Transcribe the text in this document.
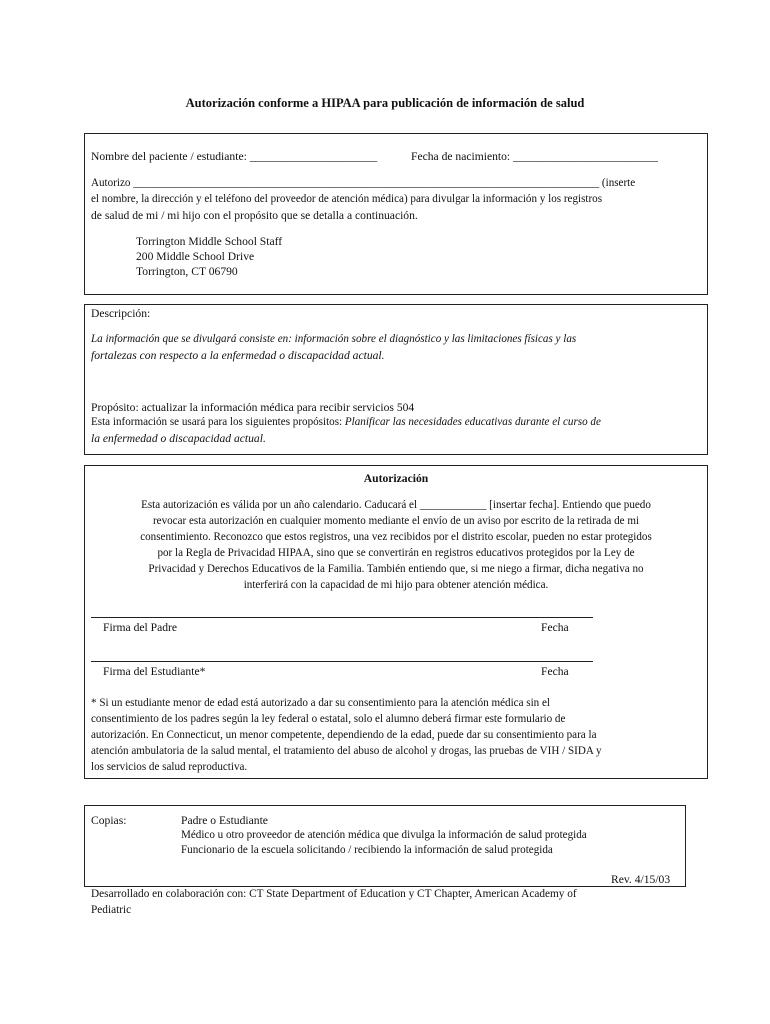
Autorización conforme a HIPAA para publicación de información de salud
Nombre del paciente / estudiante: ______________________	Fecha de nacimiento: _________________________
Autorizo ____________________________________________________________________________________ (inserte
el nombre, la dirección y el teléfono del proveedor de atención médica) para divulgar la información y los registros
de salud de mi / mi hijo con el propósito que se detalla a continuación.
Torrington Middle School Staff
200 Middle School Drive
Torrington, CT 06790
Descripción:
La información que se divulgará consiste en: información sobre el diagnóstico y las limitaciones físicas y las
fortalezas con respecto a la enfermedad o discapacidad actual.
Propósito: actualizar la información médica para recibir servicios 504
Esta información se usará para los siguientes propósitos: Planificar las necesidades educativas durante el curso de
la enfermedad o discapacidad actual.
Autorización
Esta autorización es válida por un año calendario. Caducará el ____________ [insertar fecha]. Entiendo que puedo
revocar esta autorización en cualquier momento mediante el envío de un aviso por escrito de la retirada de mi
consentimiento. Reconozco que estos registros, una vez recibidos por el distrito escolar, pueden no estar protegidos
por la Regla de Privacidad HIPAA, sino que se convertirán en registros educativos protegidos por la Ley de
Privacidad y Derechos Educativos de la Familia. También entiendo que, si me niego a firmar, dicha negativa no
interferirá con la capacidad de mi hijo para obtener atención médica.
Firma del Padre	Fecha
Firma del Estudiante*	Fecha
* Si un estudiante menor de edad está autorizado a dar su consentimiento para la atención médica sin el
consentimiento de los padres según la ley federal o estatal, solo el alumno deberá firmar este formulario de
autorización. En Connecticut, un menor competente, dependiendo de la edad, puede dar su consentimiento para la
atención ambulatoria de la salud mental, el tratamiento del abuso de alcohol y drogas, las pruebas de VIH / SIDA y
los servicios de salud reproductiva.
Copias:	Padre o Estudiante
Médico u otro proveedor de atención médica que divulga la información de salud protegida
Funcionario de la escuela solicitando / recibiendo la información de salud protegida
Rev. 4/15/03
Desarrollado en colaboración con: CT State Department of Education y CT Chapter, American Academy of
Pediatric
